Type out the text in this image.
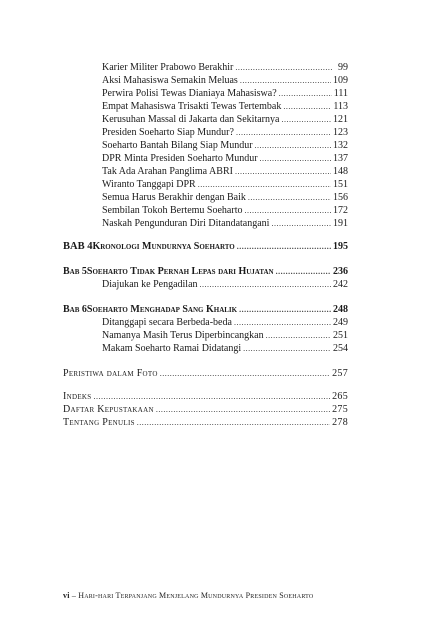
Karier Militer Prabowo Berakhir .....	99
Aksi Mahasiswa Semakin Meluas .....	109
Perwira Polisi Tewas Dianiaya Mahasiswa? .....	111
Empat Mahasiswa Trisakti Tewas Tertembak .....	113
Kerusuhan Massal di Jakarta dan Sekitarnya .....	121
Presiden Soeharto Siap Mundur? .....	123
Soeharto Bantah Bilang Siap Mundur .....	132
DPR Minta Presiden Soeharto Mundur .....	137
Tak Ada Arahan Panglima ABRI .....	148
Wiranto Tanggapi DPR .....	151
Semua Harus Berakhir dengan Baik .....	156
Sembilan Tokoh Bertemu Soeharto .....	172
Naskah Pengunduran Diri Ditandatangani .....	191
BAB 4 Kronologi Mundurnya Soeharto .....	195
Bab 5 Soeharto Tidak Pernah Lepas dari Hujatan .....	236
Diajukan ke Pengadilan .....	242
Bab 6 Soeharto Menghadap Sang Khalik .....	248
Ditanggapi secara Berbeda-beda .....	249
Namanya Masih Terus Diperbincangkan .....	251
Makam Soeharto Ramai Didatangi .....	254
Peristiwa dalam Foto .....	257
Indeks .....	265
Daftar Kepustakaan .....	275
Tentang Penulis .....	278
vi – Hari-hari Terpanjang Menjelang Mundurnya Presiden Soeharto
